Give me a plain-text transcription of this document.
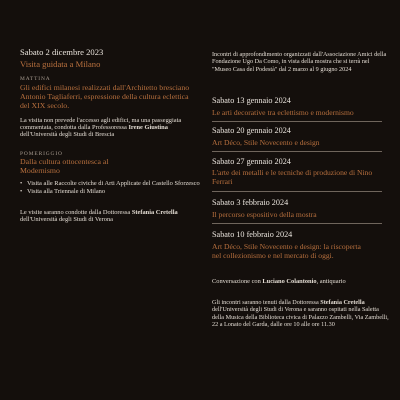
Sabato 2 dicembre 2023
Visita guidata a Milano
MATTINA
Gli edifici milanesi realizzati dall'Architetto bresciano Antonio Tagliaferri, espressione della cultura eclettica del XIX secolo.
La visita non prevede l'accesso agli edifici, ma una passeggiata commentata, condotta dalla Professoressa Irene Giustina dell'Università degli Studi di Brescia
POMERIGGIO
Dalla cultura ottocentesca al Modernismo
• Visita alle Raccolte civiche di Arti Applicate del Castello Sforzesco
• Visita alla Triennale di Milano
Le visite saranno condotte dalla Dottoressa Stefania Cretella dell'Università degli Studi di Verona
Incontri di approfondimento organizzati dall'Associazione Amici della Fondazione Ugo Da Como, in vista della mostra che si terrà nel "Museo Casa del Podestà" dal 2 marzo al 9 giugno 2024
Sabato 13 gennaio 2024
Le arti decorative tra eclettismo e modernismo
Sabato 20 gennaio 2024
Art Déco, Stile Novecento e design
Sabato 27 gennaio 2024
L'arte dei metalli e le tecniche di produzione di Nino Ferrari
Sabato 3 febbraio 2024
Il percorso espositivo della mostra
Sabato 10 febbraio 2024
Art Déco, Stile Novecento e design: la riscoperta nel collezionismo e nel mercato di oggi.
Conversazione con Luciano Colantonio, antiquario
Gli incontri saranno tenuti dalla Dottoressa Stefania Cretella dell'Università degli Studi di Verona e saranno ospitati nella Saletta della Musica della Biblioteca civica di Palazzo Zambelli, Via Zambelli, 22 a Lonato del Garda, dalle ore 10 alle ore 11.30
